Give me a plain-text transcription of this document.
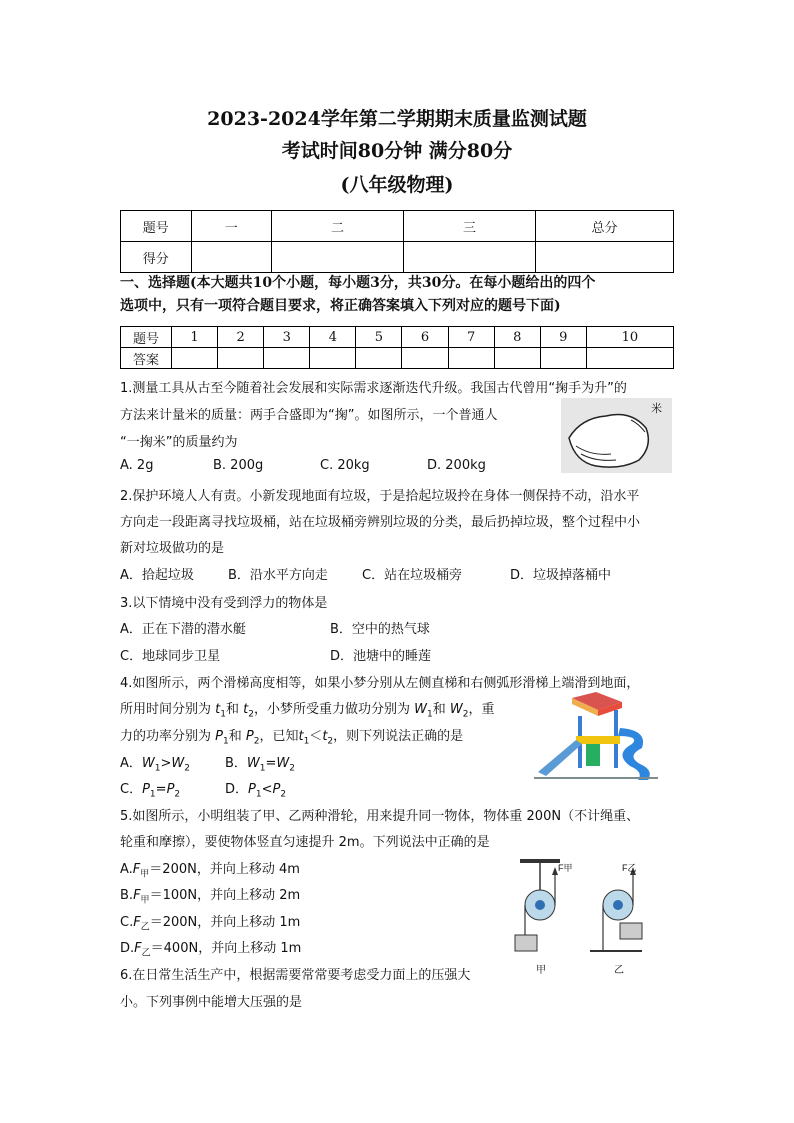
2023-2024学年第二学期期末质量监测试题
考试时间80分钟 满分80分
(八年级物理)
题号	一	二	三	总分
得分				
一、选择题(本大题共10个小题，每小题3分，共30分。在每小题给出的四个
选项中，只有一项符合题目要求，将正确答案填入下列对应的题号下面)
题号	1	2	3	4	5	6	7	8	9	10
答案										
1.测量工具从古至今随着社会发展和实际需求逐渐迭代升级。我国古代曾用“掬手为升”的
方法来计量米的质量：两手合盛即为“掬”。如图所示，一个普通人
“一掬米”的质量约为
A. 2g	B. 200g	C. 20kg	D. 200kg
米
2.保护环境人人有责。小新发现地面有垃圾，于是拾起垃圾拎在身体一侧保持不动，沿水平
方向走一段距离寻找垃圾桶，站在垃圾桶旁辨别垃圾的分类，最后扔掉垃圾，整个过程中小
新对垃圾做功的是
A．拾起垃圾	B．沿水平方向走	C．站在垃圾桶旁	D．垃圾掉落桶中
3.以下情境中没有受到浮力的物体是
A．正在下潜的潜水艇	B．空中的热气球
C．地球同步卫星	D．池塘中的睡莲
4.如图所示，两个滑梯高度相等，如果小梦分别从左侧直梯和右侧弧形滑梯上端滑到地面，
所用时间分别为 $t_1$和 $t_2$，小梦所受重力做功分别为 $W_1$和 $W_2$，重
力的功率分别为 $P_1$和 $P_2$，已知$t_1<t_2$，则下列说法正确的是
A．$W_1>W_2$	B．$W_1=W_2$
C．$P_1=P_2$	D．$P_1<P_2$
5.如图所示，小明组装了甲、乙两种滑轮，用来提升同一物体，物体重 200N（不计绳重、
轮重和摩擦），要使物体竖直匀速提升 2m。下列说法中正确的是
$A.F_甲=200N$，并向上移动 4m
$B.F_甲=100N$，并向上移动 2m
$C.F_乙=200N$，并向上移动 1m
$D.F_乙=400N$，并向上移动 1m
F甲
甲
F乙
乙
6.在日常生活生产中，根据需要常常要考虑受力面上的压强大
小。下列事例中能增大压强的是
